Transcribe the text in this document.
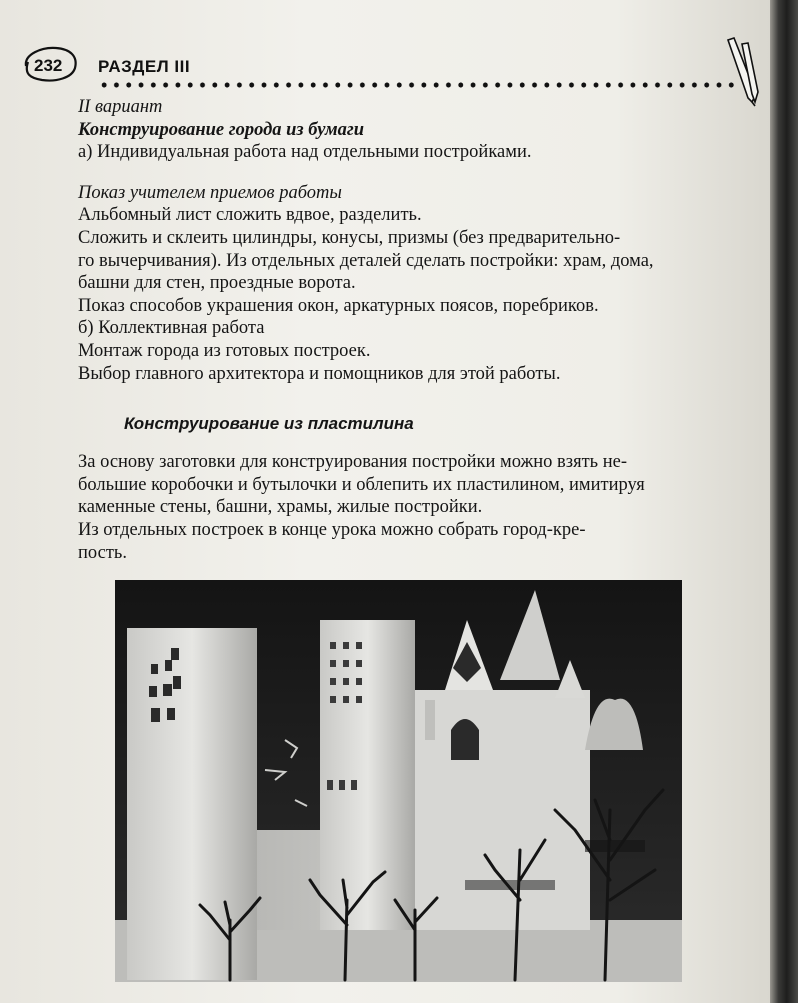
232 РАЗДЕЛ III

II вариант

Конструирование города из бумаги

а) Индивидуальная работа над отдельными постройками.

Показ учителем приемов работы

Альбомный лист сложить вдвое, разделить.

Сложить и склеить цилиндры, конусы, призмы (без предварительно-

го вычерчивания). Из отдельных деталей сделать постройки: храм, дома,

башни для стен, проездные ворота.

Показ способов украшения окон, аркатурных поясов, поребриков.

б) Коллективная работа

Монтаж города из готовых построек.

Выбор главного архитектора и помощников для этой работы.

Конструирование из пластилина

За основу заготовки для конструирования постройки можно взять не-

большие коробочки и бутылочки и облепить их пластилином, имитируя

каменные стены, башни, храмы, жилые постройки.

Из отдельных построек в конце урока можно собрать город-кре-

пость.
